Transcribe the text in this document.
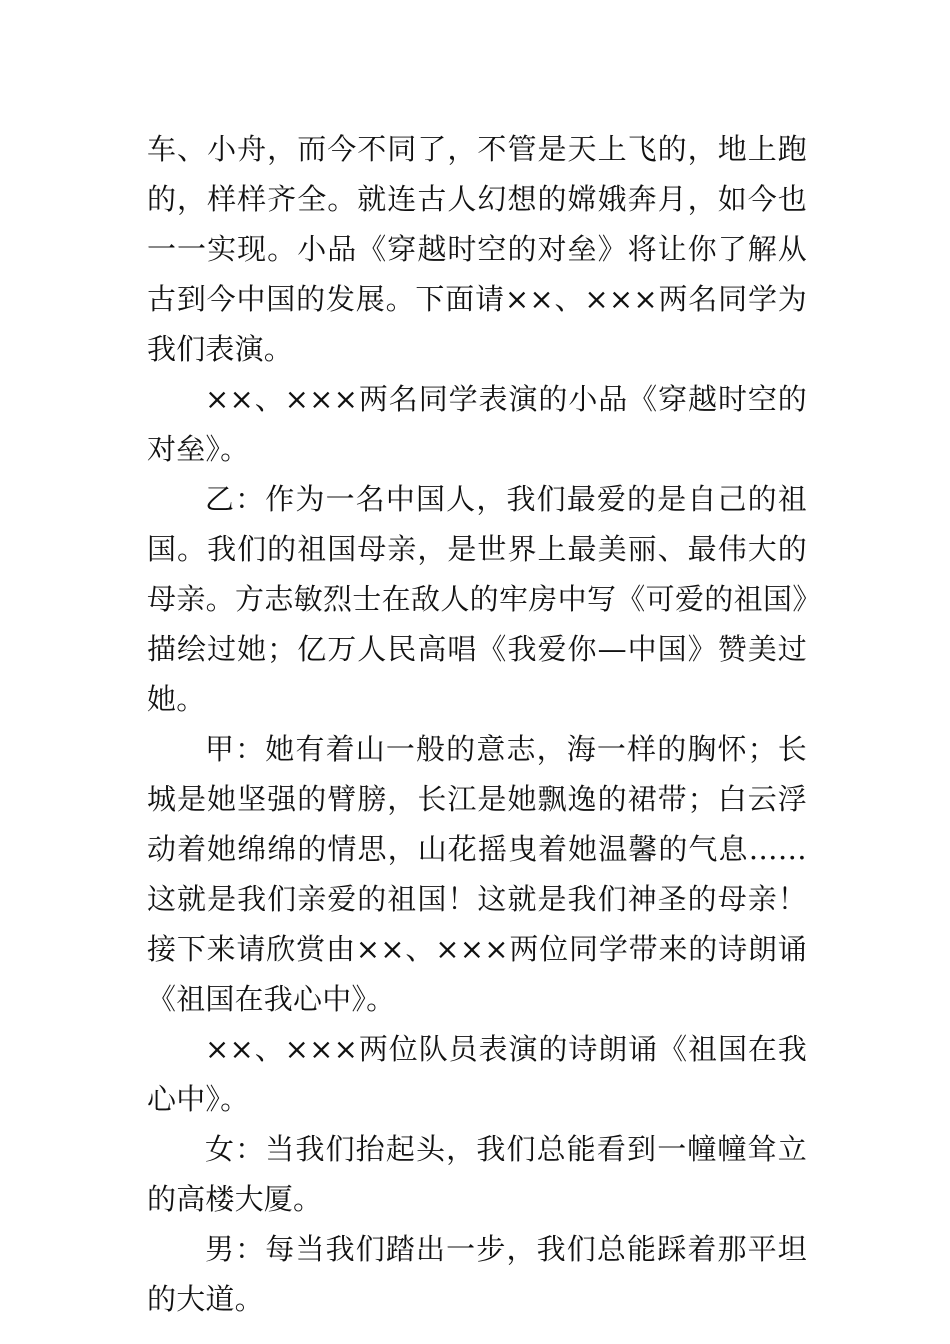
车、小舟，而今不同了，不管是天上飞的，地上跑的，样样齐全。就连古人幻想的嫦娥奔月，如今也一一实现。小品《穿越时空的对垒》将让你了解从古到今中国的发展。下面请××、×××两名同学为我们表演。

××、×××两名同学表演的小品《穿越时空的对垒》。

乙：作为一名中国人，我们最爱的是自己的祖国。我们的祖国母亲，是世界上最美丽、最伟大的母亲。方志敏烈士在敌人的牢房中写《可爱的祖国》描绘过她；亿万人民高唱《我爱你—中国》赞美过她。

甲：她有着山一般的意志，海一样的胸怀；长城是她坚强的臂膀，长江是她飘逸的裙带；白云浮动着她绵绵的情思，山花摇曳着她温馨的气息……这就是我们亲爱的祖国！这就是我们神圣的母亲！接下来请欣赏由××、×××两位同学带来的诗朗诵《祖国在我心中》。

××、×××两位队员表演的诗朗诵《祖国在我心中》。

女：当我们抬起头，我们总能看到一幢幢耸立的高楼大厦。

男：每当我们踏出一步，我们总能踩着那平坦的大道。
